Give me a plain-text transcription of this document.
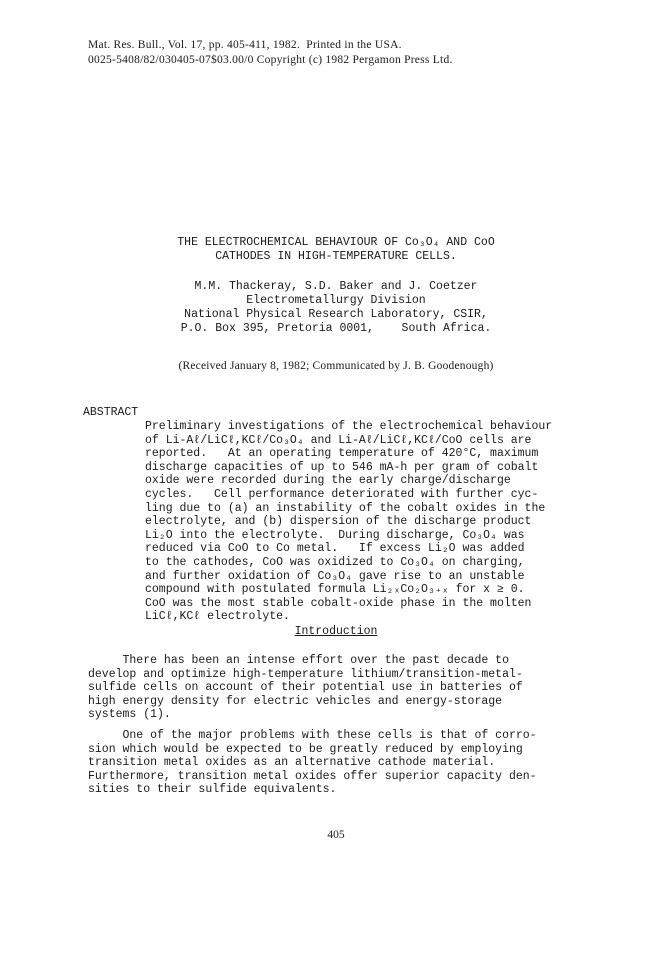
Mat. Res. Bull., Vol. 17, pp. 405-411, 1982.  Printed in the USA.
0025-5408/82/030405-07$03.00/0 Copyright (c) 1982 Pergamon Press Ltd.
THE ELECTROCHEMICAL BEHAVIOUR OF Co₃O₄ AND CoO
CATHODES IN HIGH-TEMPERATURE CELLS.
M.M. Thackeray, S.D. Baker and J. Coetzer
Electrometallurgy Division
National Physical Research Laboratory, CSIR,
P.O. Box 395, Pretoria 0001,    South Africa.
(Received January 8, 1982; Communicated by J. B. Goodenough)
ABSTRACT
Preliminary investigations of the electrochemical behaviour
of Li-Aℓ/LiCℓ,KCℓ/Co₃O₄ and Li-Aℓ/LiCℓ,KCℓ/CoO cells are
reported.   At an operating temperature of 420°C, maximum
discharge capacities of up to 546 mA-h per gram of cobalt
oxide were recorded during the early charge/discharge
cycles.   Cell performance deteriorated with further cyc-
ling due to (a) an instability of the cobalt oxides in the
electrolyte, and (b) dispersion of the discharge product
Li₂O into the electrolyte.  During discharge, Co₃O₄ was
reduced via CoO to Co metal.   If excess Li₂O was added
to the cathodes, CoO was oxidized to Co₃O₄ on charging,
and further oxidation of Co₃O₄ gave rise to an unstable
compound with postulated formula Li₂ₓCo₂O₃₊ₓ for x ≥ 0.
CoO was the most stable cobalt-oxide phase in the molten
LiCℓ,KCℓ electrolyte.
Introduction
There has been an intense effort over the past decade to
develop and optimize high-temperature lithium/transition-metal-
sulfide cells on account of their potential use in batteries of
high energy density for electric vehicles and energy-storage
systems (1).
One of the major problems with these cells is that of corro-
sion which would be expected to be greatly reduced by employing
transition metal oxides as an alternative cathode material.
Furthermore, transition metal oxides offer superior capacity den-
sities to their sulfide equivalents.
405
